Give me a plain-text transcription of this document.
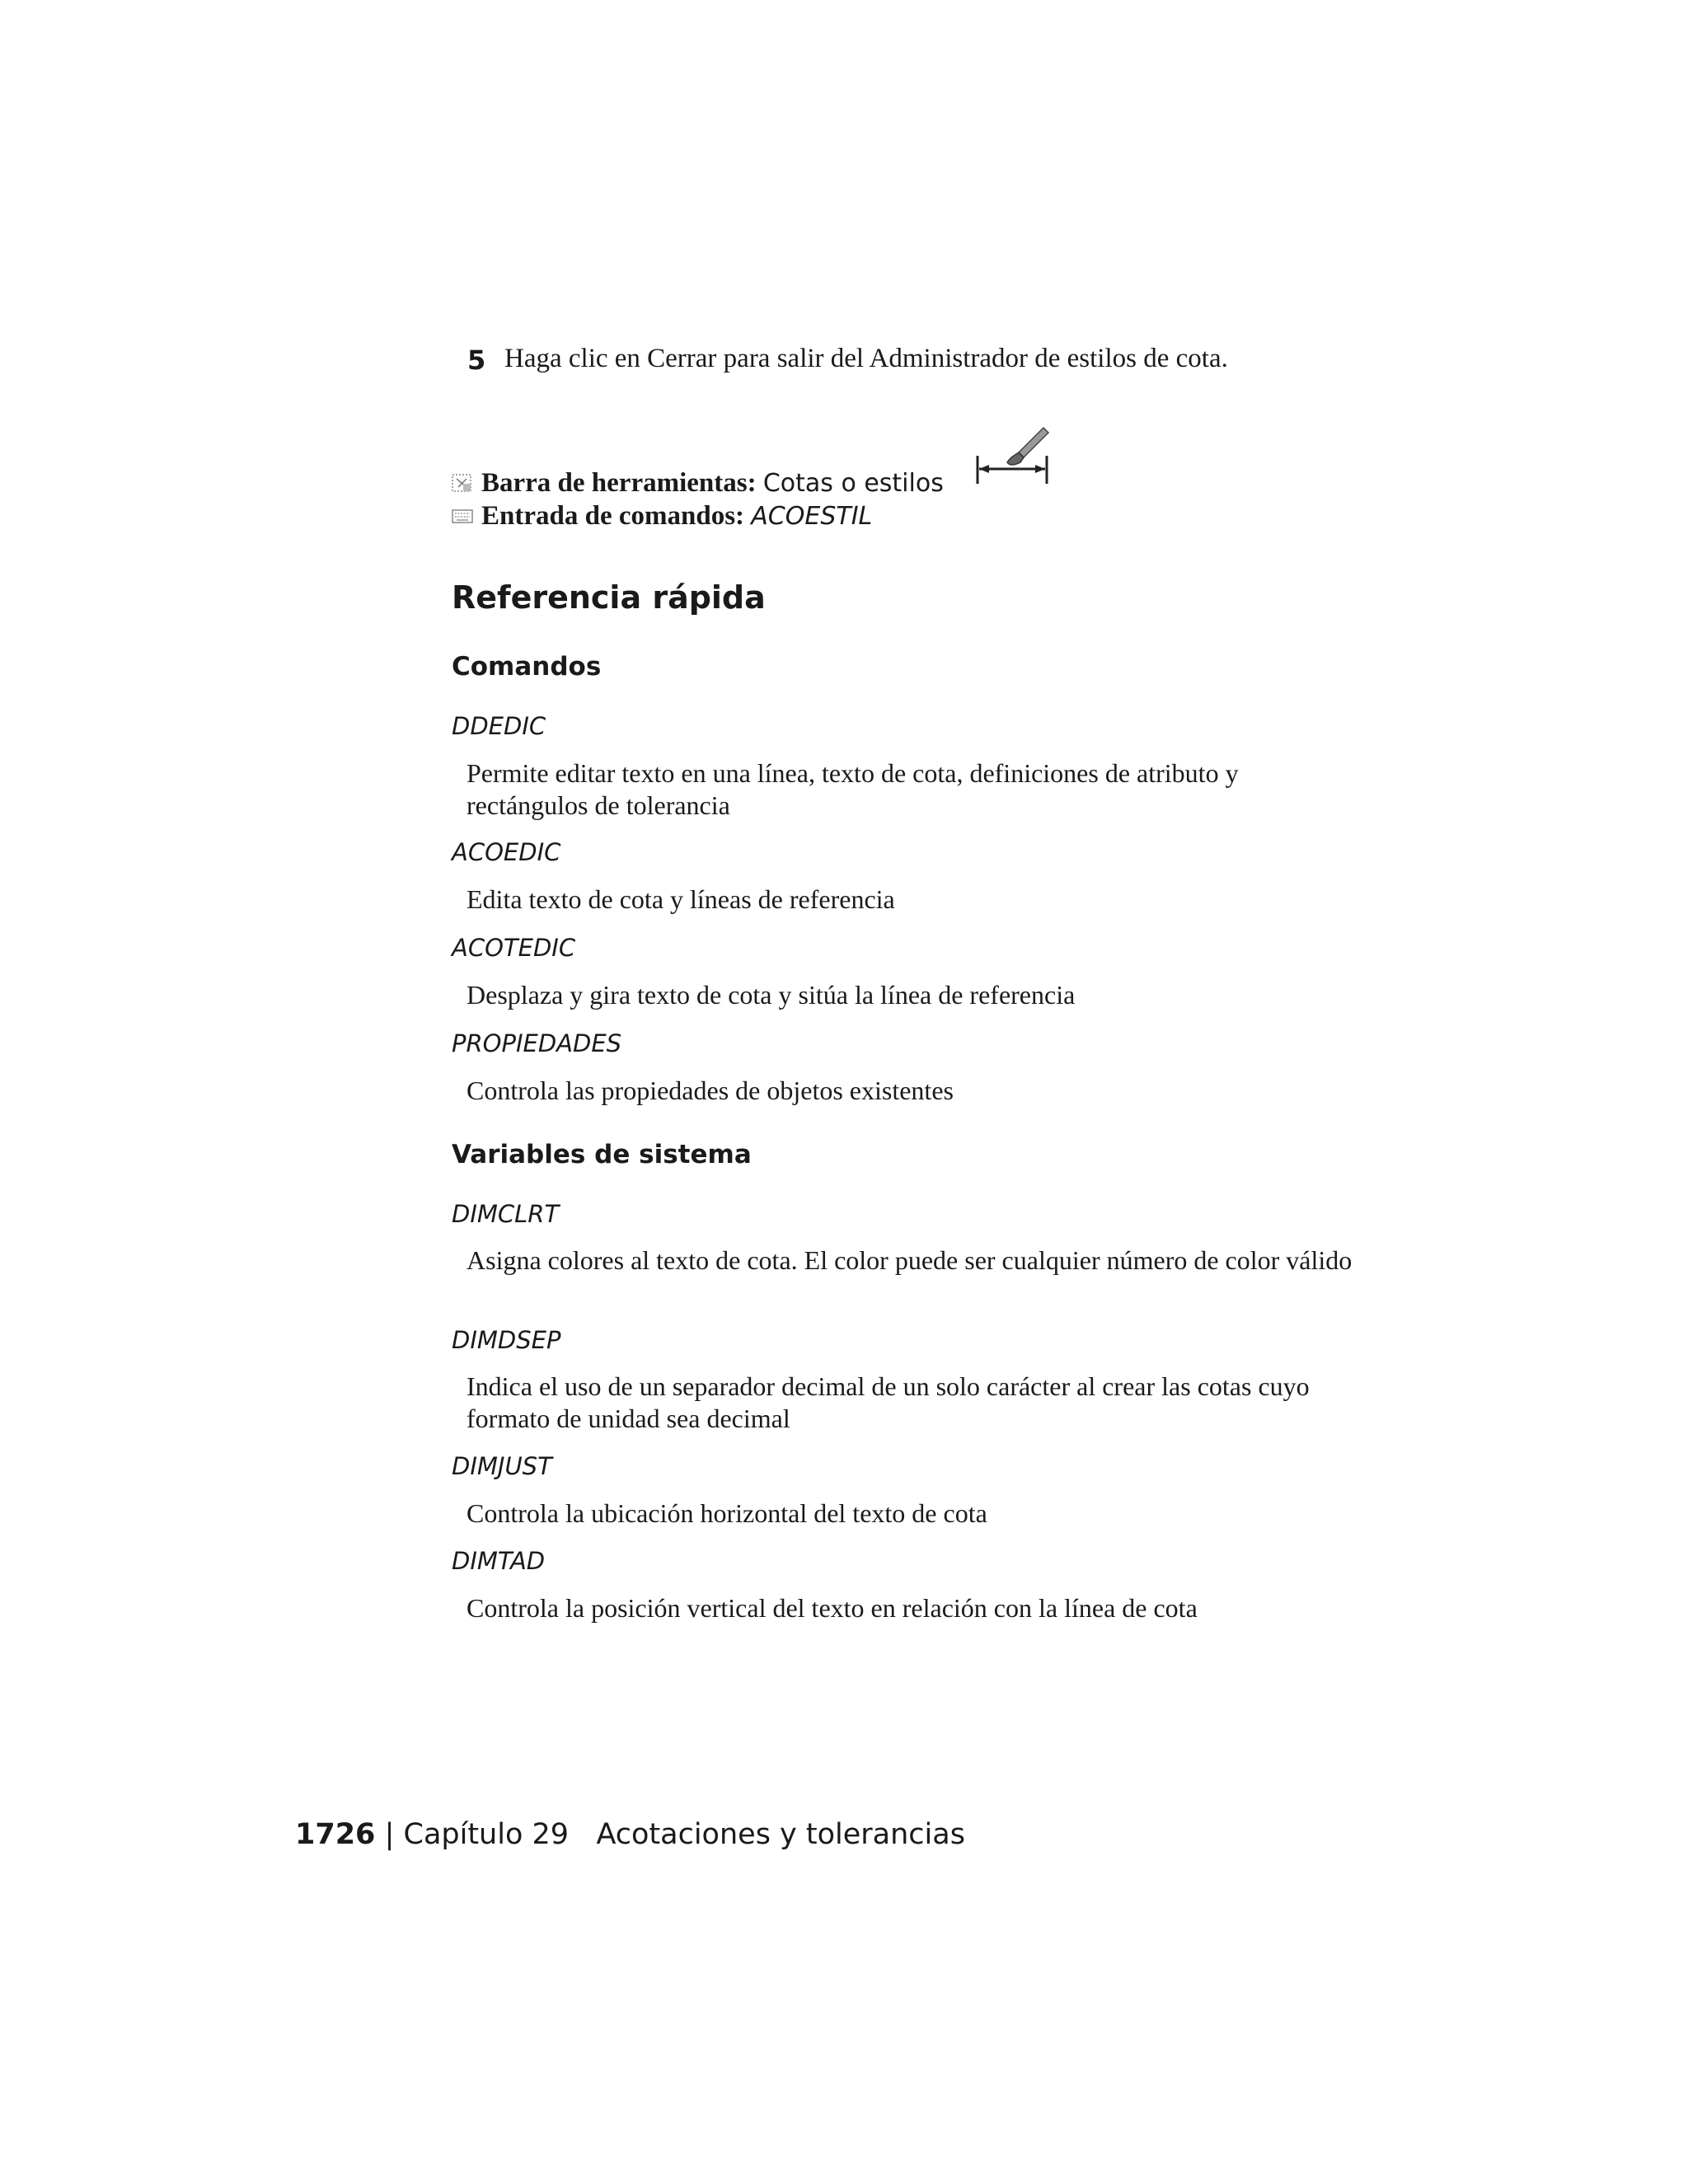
5 Haga clic en Cerrar para salir del Administrador de estilos de cota.
Barra de herramientas: Cotas o estilos
Entrada de comandos: ACOESTIL
Referencia rápida
Comandos
DDEDIC
Permite editar texto en una línea, texto de cota, definiciones de atributo y rectángulos de tolerancia
ACOEDIC
Edita texto de cota y líneas de referencia
ACOTEDIC
Desplaza y gira texto de cota y sitúa la línea de referencia
PROPIEDADES
Controla las propiedades de objetos existentes
Variables de sistema
DIMCLRT
Asigna colores al texto de cota. El color puede ser cualquier número de color válido
DIMDSEP
Indica el uso de un separador decimal de un solo carácter al crear las cotas cuyo formato de unidad sea decimal
DIMJUST
Controla la ubicación horizontal del texto de cota
DIMTAD
Controla la posición vertical del texto en relación con la línea de cota
1726 | Capítulo 29 Acotaciones y tolerancias
